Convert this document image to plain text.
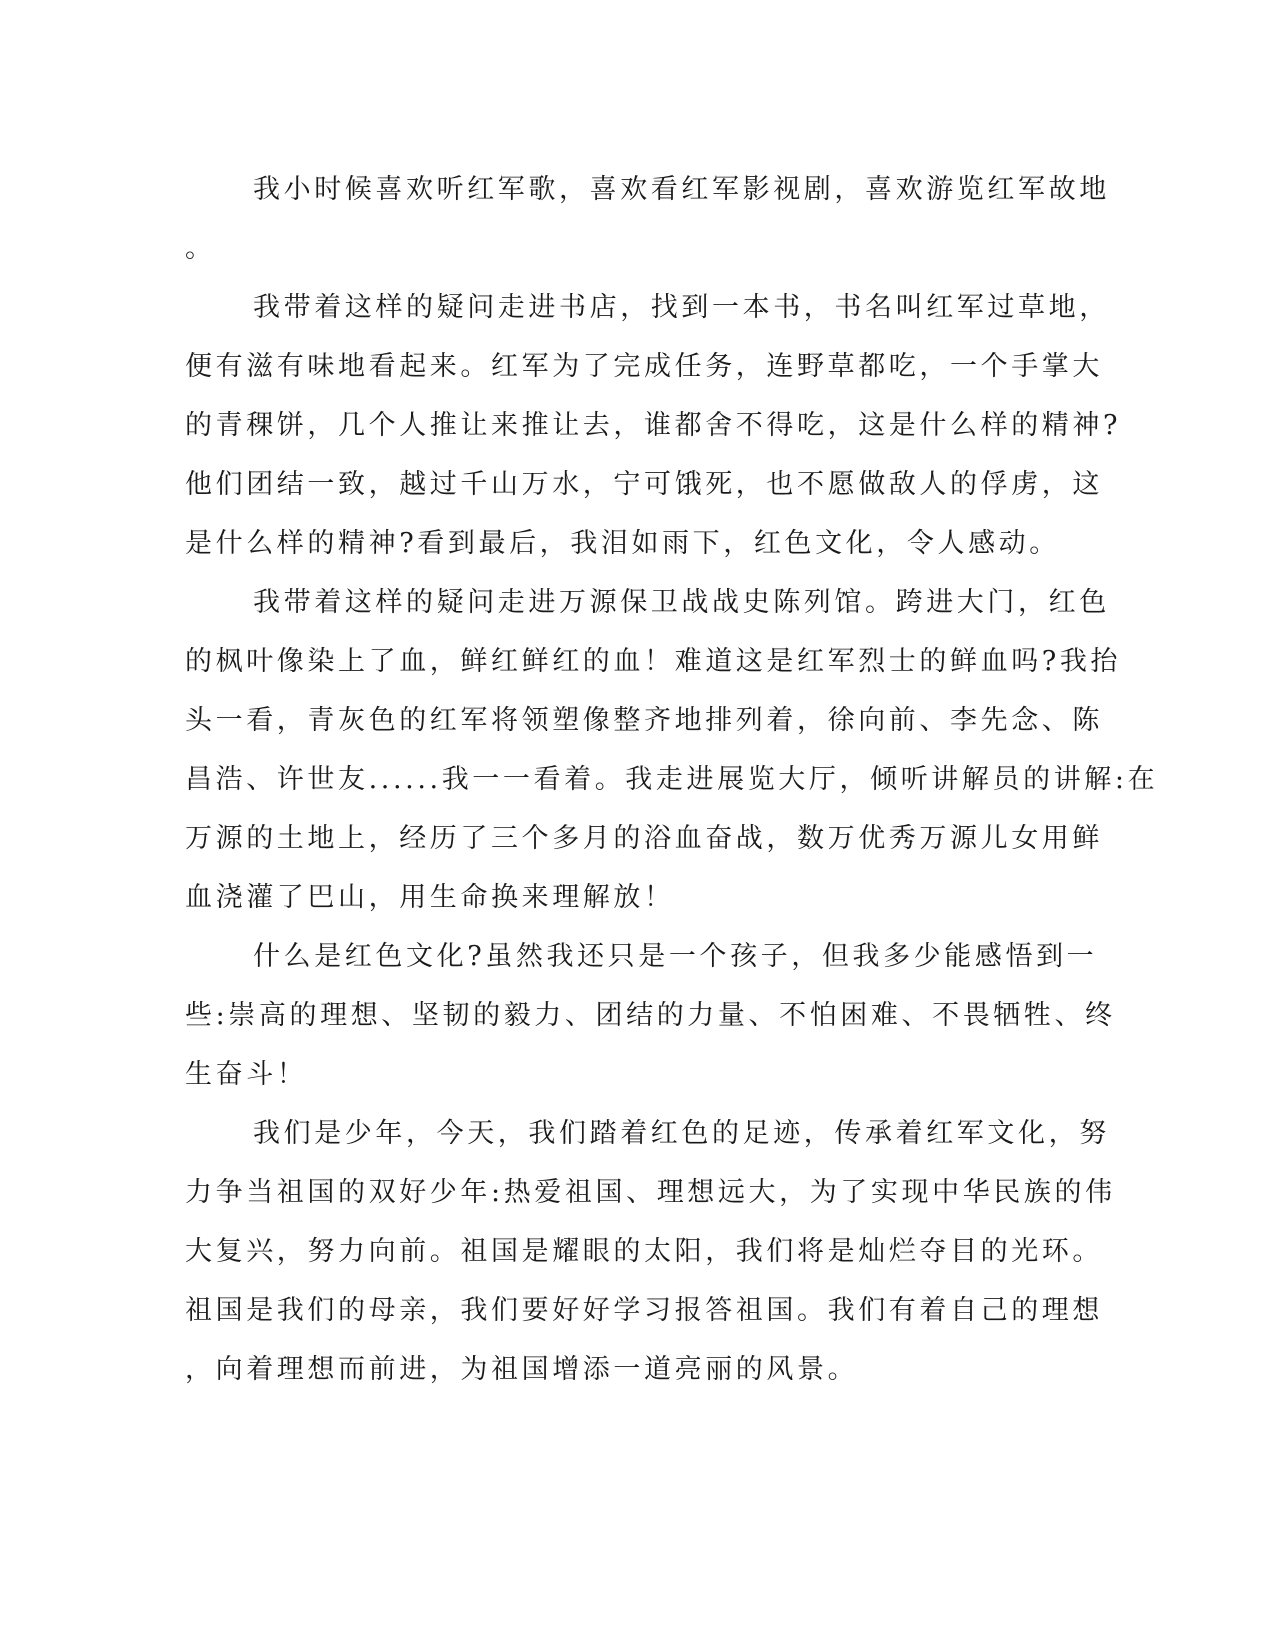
我小时候喜欢听红军歌，喜欢看红军影视剧，喜欢游览红军故地
。
我带着这样的疑问走进书店，找到一本书，书名叫红军过草地，
便有滋有味地看起来。红军为了完成任务，连野草都吃，一个手掌大
的青稞饼，几个人推让来推让去，谁都舍不得吃，这是什么样的精神?
他们团结一致，越过千山万水，宁可饿死，也不愿做敌人的俘虏，这
是什么样的精神?看到最后，我泪如雨下，红色文化，令人感动。
我带着这样的疑问走进万源保卫战战史陈列馆。跨进大门，红色
的枫叶像染上了血，鲜红鲜红的血！难道这是红军烈士的鲜血吗?我抬
头一看，青灰色的红军将领塑像整齐地排列着，徐向前、李先念、陈
昌浩、许世友......我一一看着。我走进展览大厅，倾听讲解员的讲解:在
万源的土地上，经历了三个多月的浴血奋战，数万优秀万源儿女用鲜
血浇灌了巴山，用生命换来理解放！
什么是红色文化?虽然我还只是一个孩子，但我多少能感悟到一
些:崇高的理想、坚韧的毅力、团结的力量、不怕困难、不畏牺牲、终
生奋斗！
我们是少年，今天，我们踏着红色的足迹，传承着红军文化，努
力争当祖国的双好少年:热爱祖国、理想远大，为了实现中华民族的伟
大复兴，努力向前。祖国是耀眼的太阳，我们将是灿烂夺目的光环。
祖国是我们的母亲，我们要好好学习报答祖国。我们有着自己的理想
，向着理想而前进，为祖国增添一道亮丽的风景。
